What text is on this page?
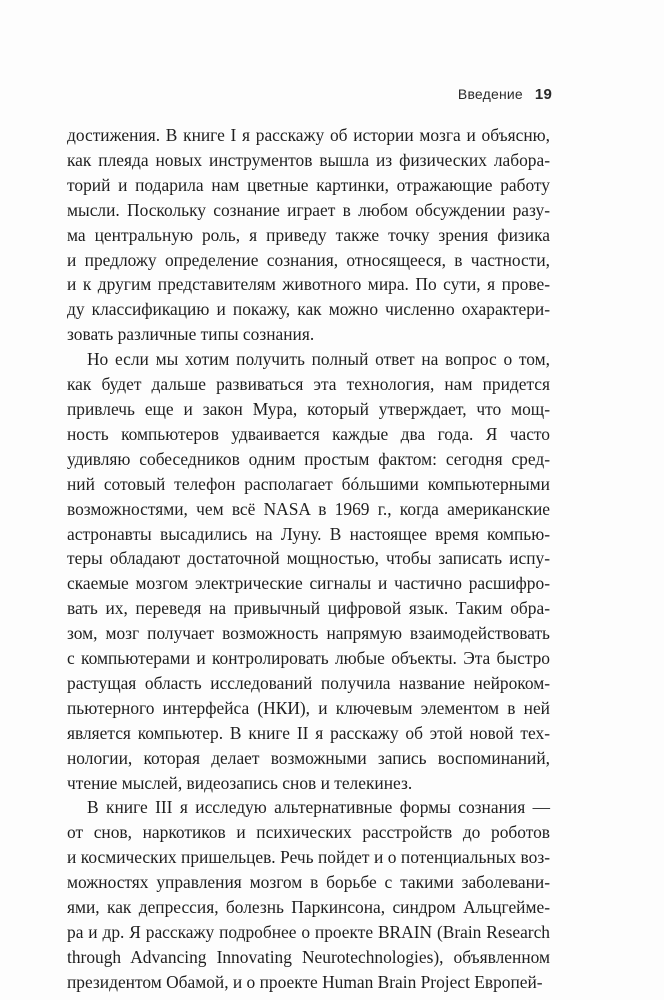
Введение 19
достижения. В книге I я расскажу об истории мозга и объясню,
как плеяда новых инструментов вышла из физических лабора-
торий и подарила нам цветные картинки, отражающие работу
мысли. Поскольку сознание играет в любом обсуждении разу-
ма центральную роль, я приведу также точку зрения физика
и предложу определение сознания, относящееся, в частности,
и к другим представителям животного мира. По сути, я прове-
ду классификацию и покажу, как можно численно охарактери-
зовать различные типы сознания.
Но если мы хотим получить полный ответ на вопрос о том,
как будет дальше развиваться эта технология, нам придется
привлечь еще и закон Мура, который утверждает, что мощ-
ность компьютеров удваивается каждые два года. Я часто
удивляю собеседников одним простым фактом: сегодня сред-
ний сотовый телефон располагает бóльшими компьютерными
возможностями, чем всё NASA в 1969 г., когда американские
астронавты высадились на Луну. В настоящее время компью-
теры обладают достаточной мощностью, чтобы записать испу-
скаемые мозгом электрические сигналы и частично расшифро-
вать их, переведя на привычный цифровой язык. Таким обра-
зом, мозг получает возможность напрямую взаимодействовать
с компьютерами и контролировать любые объекты. Эта быстро
растущая область исследований получила название нейроком-
пьютерного интерфейса (НКИ), и ключевым элементом в ней
является компьютер. В книге II я расскажу об этой новой тех-
нологии, которая делает возможными запись воспоминаний,
чтение мыслей, видеозапись снов и телекинез.
В книге III я исследую альтернативные формы сознания —
от снов, наркотиков и психических расстройств до роботов
и космических пришельцев. Речь пойдет и о потенциальных воз-
можностях управления мозгом в борьбе с такими заболевани-
ями, как депрессия, болезнь Паркинсона, синдром Альцгейме-
ра и др. Я расскажу подробнее о проекте BRAIN (Brain Research
through Advancing Innovating Neurotechnologies), объявленном
президентом Обамой, и о проекте Human Brain Project Европей-
